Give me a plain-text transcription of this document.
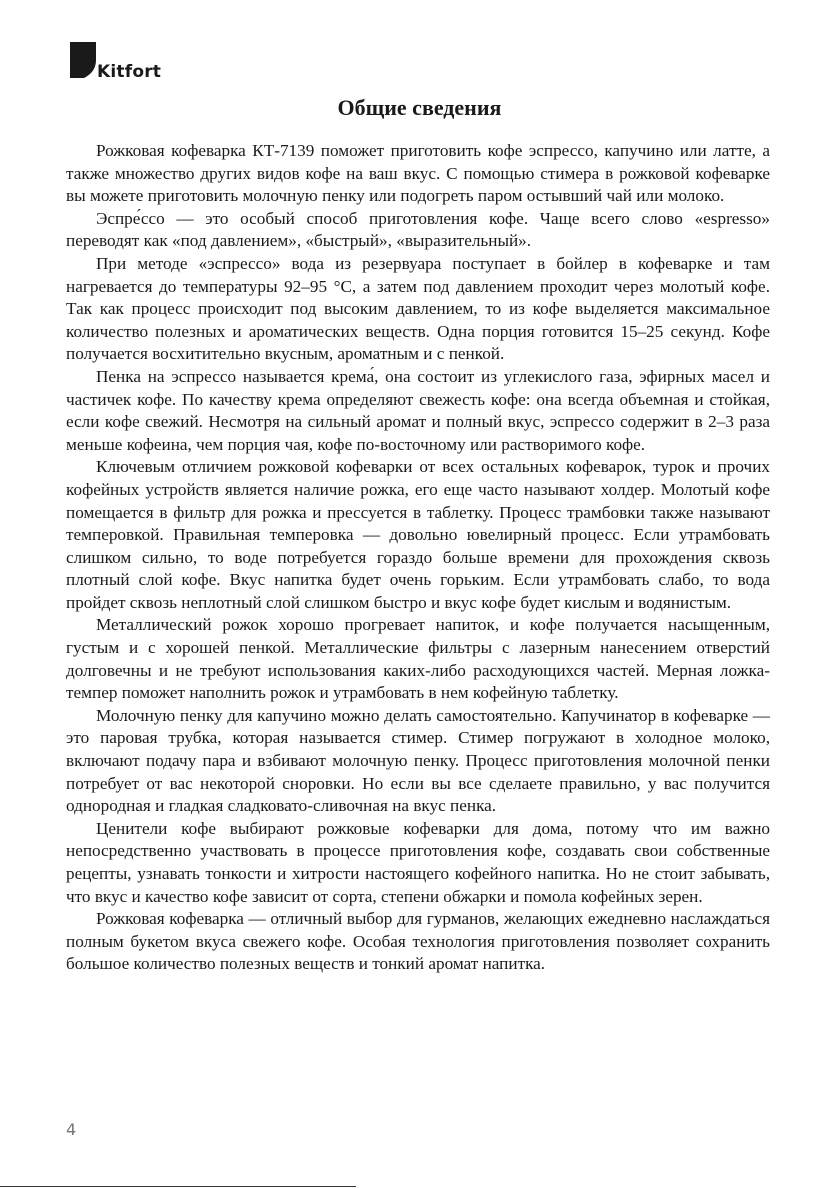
Kitfort
Общие сведения

Рожковая кофеварка КТ-7139 поможет приготовить кофе эспрессо, капучино или латте, а также множество других видов кофе на ваш вкус. С помощью стимера в рожковой кофеварке вы можете приготовить молочную пенку или подогреть паром остывший чай или молоко.

Эспре́ссо — это особый способ приготовления кофе. Чаще всего слово «espresso» переводят как «под давлением», «быстрый», «выразительный».

При методе «эспрессо» вода из резервуара поступает в бойлер в кофеварке и там нагревается до температуры 92–95 °С, а затем под давлением проходит через молотый кофе. Так как процесс происходит под высоким давлением, то из кофе выделяется максимальное количество полезных и ароматических веществ. Одна порция готовится 15–25 секунд. Кофе получается восхитительно вкусным, ароматным и с пенкой.

Пенка на эспрессо называется крема́, она состоит из углекислого газа, эфирных масел и частичек кофе. По качеству крема определяют свежесть кофе: она всегда объемная и стойкая, если кофе свежий. Несмотря на сильный аромат и полный вкус, эспрессо содержит в 2–3 раза меньше кофеина, чем порция чая, кофе по-восточному или растворимого кофе.

Ключевым отличием рожковой кофеварки от всех остальных кофеварок, турок и прочих кофейных устройств является наличие рожка, его еще часто называют холдер. Молотый кофе помещается в фильтр для рожка и прессуется в таблетку. Процесс трамбовки также называют темперовкой. Правильная темперовка — довольно ювелирный процесс. Если утрамбовать слишком сильно, то воде потребуется гораздо больше времени для прохождения сквозь плотный слой кофе. Вкус напитка будет очень горьким. Если утрамбовать слабо, то вода пройдет сквозь неплотный слой слишком быстро и вкус кофе будет кислым и водянистым.

Металлический рожок хорошо прогревает напиток, и кофе получается насыщенным, густым и с хорошей пенкой. Металлические фильтры с лазерным нанесением отверстий долговечны и не требуют использования каких-либо расходующихся частей. Мерная ложка-темпер поможет наполнить рожок и утрамбовать в нем кофейную таблетку.

Молочную пенку для капучино можно делать самостоятельно. Капучинатор в кофеварке — это паровая трубка, которая называется стимер. Стимер погружают в холодное молоко, включают подачу пара и взбивают молочную пенку. Процесс приготовления молочной пенки потребует от вас некоторой сноровки. Но если вы все сделаете правильно, у вас получится однородная и гладкая сладковато-сливочная на вкус пенка.

Ценители кофе выбирают рожковые кофеварки для дома, потому что им важно непосредственно участвовать в процессе приготовления кофе, создавать свои собственные рецепты, узнавать тонкости и хитрости настоящего кофейного напитка. Но не стоит забывать, что вкус и качество кофе зависит от сорта, степени обжарки и помола кофейных зерен.

Рожковая кофеварка — отличный выбор для гурманов, желающих ежедневно наслаждаться полным букетом вкуса свежего кофе. Особая технология приготовления позволяет сохранить большое количество полезных веществ и тонкий аромат напитка.

4
